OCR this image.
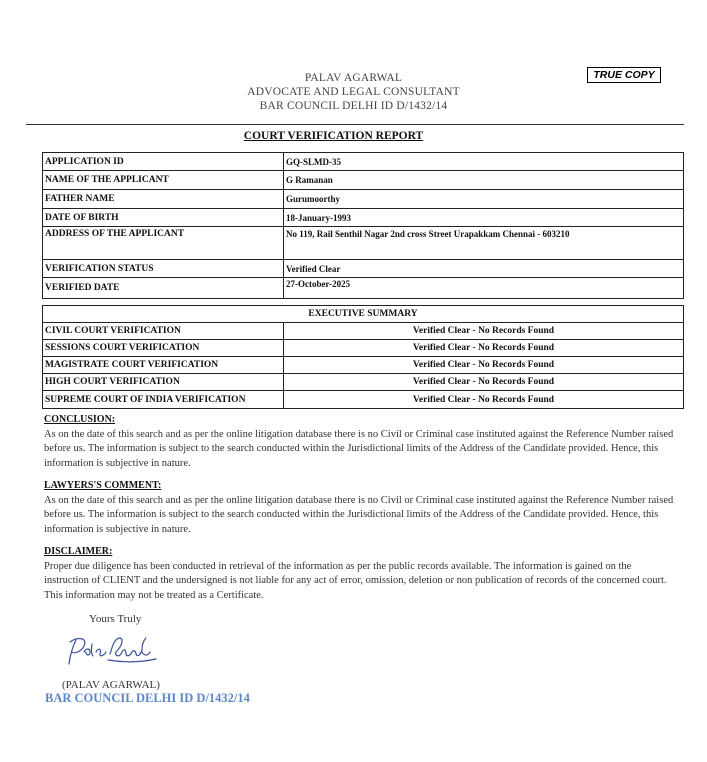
TRUE COPY
PALAV AGARWAL
ADVOCATE AND LEGAL CONSULTANT
BAR COUNCIL DELHI ID D/1432/14
COURT VERIFICATION REPORT
APPLICATION ID	GQ-SLMD-35
NAME OF THE APPLICANT	G Ramanan
FATHER NAME	Gurumoorthy
DATE OF BIRTH	18-January-1993
ADDRESS OF THE APPLICANT	No 119, Rail Senthil Nagar 2nd cross Street Urapakkam Chennai - 603210
VERIFICATION STATUS	Verified Clear
VERIFIED DATE	27-October-2025
EXECUTIVE SUMMARY	
CIVIL COURT VERIFICATION	Verified Clear - No Records Found
SESSIONS COURT VERIFICATION	Verified Clear - No Records Found
MAGISTRATE COURT VERIFICATION	Verified Clear - No Records Found
HIGH COURT VERIFICATION	Verified Clear - No Records Found
SUPREME COURT OF INDIA VERIFICATION	Verified Clear - No Records Found
CONCLUSION:
As on the date of this search and as per the online litigation database there is no Civil or Criminal case instituted against the Reference Number raised before us. The information is subject to the search conducted within the Jurisdictional limits of the Address of the Candidate provided. Hence, this information is subjective in nature.
LAWYERS'S COMMENT:
As on the date of this search and as per the online litigation database there is no Civil or Criminal case instituted against the Reference Number raised before us. The information is subject to the search conducted within the Jurisdictional limits of the Address of the Candidate provided. Hence, this information is subjective in nature.
DISCLAIMER:
Proper due diligence has been conducted in retrieval of the information as per the public records available. The information is gained on the instruction of CLIENT and the undersigned is not liable for any act of error, omission, deletion or non publication of records of the concerned court. This information may not be treated as a Certificate.
Yours Truly
(PALAV AGARWAL)
BAR COUNCIL DELHI ID D/1432/14
